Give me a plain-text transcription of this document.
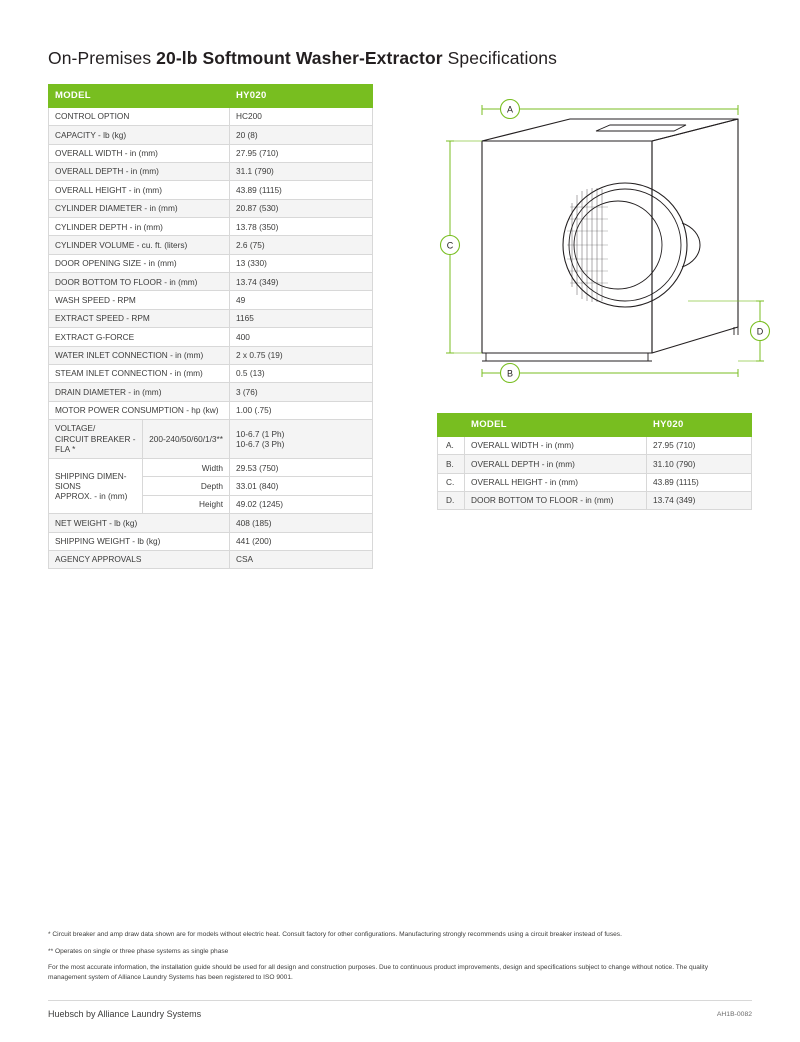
On-Premises 20-lb Softmount Washer-Extractor Specifications
MODEL		HY020
CONTROL OPTION		HC200
CAPACITY - lb (kg)		20 (8)
OVERALL WIDTH - in (mm)		27.95 (710)
OVERALL DEPTH - in (mm)		31.1 (790)
OVERALL HEIGHT - in (mm)		43.89 (1115)
CYLINDER DIAMETER - in (mm)		20.87 (530)
CYLINDER DEPTH - in (mm)		13.78 (350)
CYLINDER VOLUME - cu. ft. (liters)		2.6 (75)
DOOR OPENING SIZE - in (mm)		13 (330)
DOOR BOTTOM TO FLOOR - in (mm)		13.74 (349)
WASH SPEED - RPM		49
EXTRACT SPEED - RPM		1165
EXTRACT G-FORCE		400
WATER INLET CONNECTION - in (mm)		2 x 0.75 (19)
STEAM INLET CONNECTION - in (mm)		0.5 (13)
DRAIN DIAMETER - in (mm)		3 (76)
MOTOR POWER CONSUMPTION - hp (kw)		1.00 (.75)
VOLTAGE/
CIRCUIT BREAKER -
FLA *	200-240/50/60/1/3**	10-6.7 (1 Ph)
10-6.7 (3 Ph)
SHIPPING DIMEN-
SIONS
APPROX. - in (mm)	Width	29.53 (750)
	Depth	33.01 (840)
	Height	49.02 (1245)
NET WEIGHT - lb (kg)		408 (185)
SHIPPING WEIGHT - lb (kg)		441 (200)
AGENCY APPROVALS		CSA
A
C
B
D
	MODEL	HY020
A.	OVERALL WIDTH - in (mm)	27.95 (710)
B.	OVERALL DEPTH - in (mm)	31.10 (790)
C.	OVERALL HEIGHT - in (mm)	43.89 (1115)
D.	DOOR BOTTOM TO FLOOR - in (mm)	13.74 (349)

* Circuit breaker and amp draw data shown are for models without electric heat. Consult factory for other configurations. Manufacturing strongly recommends using a circuit breaker instead of fuses.

** Operates on single or three phase systems as single phase

For the most accurate information, the installation guide should be used for all design and construction purposes. Due to continuous product improvements, design and specifications subject to change without notice. The quality management system of Alliance Laundry Systems has been registered to ISO 9001.

Huebsch by Alliance Laundry Systems	AH1B-0082
